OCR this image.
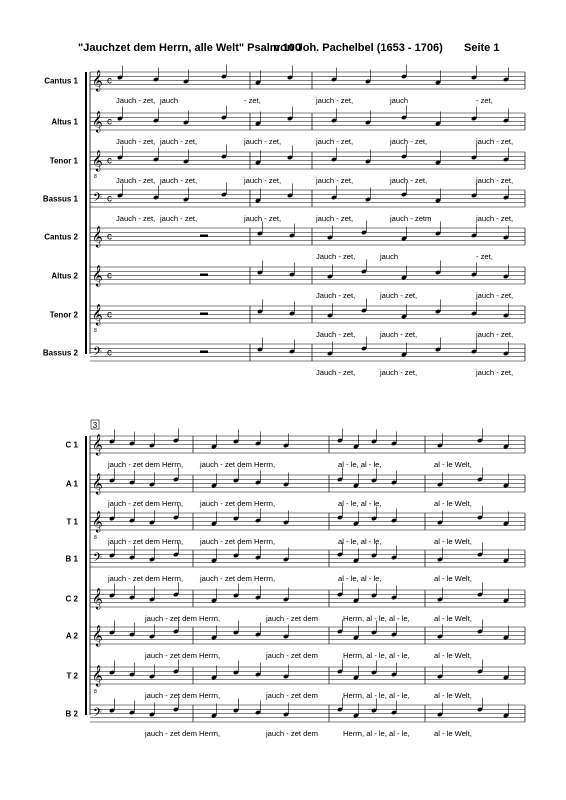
"Jauchzet dem Herrn, alle Welt" Psalm 100
von Joh. Pachelbel (1653 - 1706) Seite 1
Cantus 1 𝄞 c
Jauch - zet, jauch	- zet,	jauch - zet,	jauch	- zet,
Altus 1 𝄞 c
Jauch - zet, jauch - zet,	jauch - zet,	jauch - zet,	jauch - zet,	jauch - zet,
Tenor 1 𝄞
8
c
Jauch - zet, jauch - zet,	jauch - zet,	jauch - zet,	jauch - zet,	jauch - zet,
Bassus 1 𝄢 c
Jauch - zet, jauch - zet,	jauch - zet,	jauch - zet,	jauch - zetm	jauch - zet,
Cantus 2 𝄞 c
Jauch - zet,	jauch	- zet,
Altus 2 𝄞 c
Jauch - zet,	jauch - zet,	jauch - zet,
Tenor 2 𝄞
8
c
Jauch - zet,	jauch - zet,	jauch - zet,
Bassus 2 𝄢 c
Jauch - zet,	jauch - zet,	jauch - zet,
3
C 1 𝄞
jauch - zet dem Herrn, jauch - zet dem Herrn,	al - le, al - le,	al - le Welt,
A 1 𝄞
jauch - zet dem Herrn, jauch - zet dem Herrn,	al - le, al - le,	al - le Welt,
T 1 𝄞
8 jauch - zet dem Herrn, jauch - zet dem Herrn,	al - le, al - le,	al - le Welt,
B 1 𝄢
jauch - zet dem Herrn, jauch - zet dem Herrn,	al - le, al - le,	al - le Welt,
C 2 𝄞
jauch - zet dem Herrn,	jauch - zet dem	Herrn, al - le, al - le,	al - le Welt,
A 2 𝄞
jauch - zet dem Herrn,	jauch - zet dem	Herrn, al - le, al - le,	al - le Welt,
T 2 𝄞
8	jauch - zet dem Herrn,	jauch - zet dem	Herrn, al - le, al - le,	al - le Welt,
B 2 𝄢
jauch - zet dem Herrn,	jauch - zet dem	Herrn, al - le, al - le,	al - le Welt,
